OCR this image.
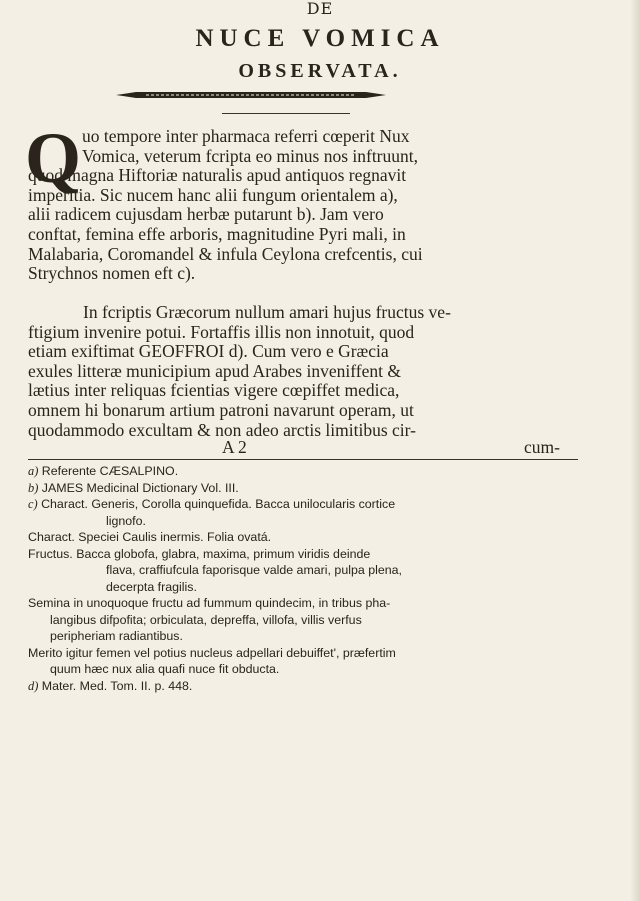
DE
NUCE VOMICA
OBSERVATA.
Q uo tempore inter pharmaca referri cœperit Nux
Vomica, veterum fcripta eo minus nos inftruunt,
quod magna Hiftoriæ naturalis apud antiquos regnavit
imperitia. Sic nucem hanc alii fungum orientalem a),
alii radicem cujusdam herbæ putarunt b). Jam vero
conftat, femina effe arboris, magnitudine Pyri mali, in
Malabaria, Coromandel & infula Ceylona crefcentis, cui
Strychnos nomen eft c).
In fcriptis Græcorum nullum amari hujus fructus ve-
ftigium invenire potui. Fortaffis illis non innotuit, quod
etiam exiftimat GEOFFROI d). Cum vero e Græcia
exules litteræ municipium apud Arabes inveniffent &
lætius inter reliquas fcientias vigere cœpiffet medica,
omnem hi bonarum artium patroni navarunt operam, ut
quodammodo excultam & non adeo arctis limitibus cir-
A 2	cum-
a) Referente CÆSALPINO.
b) JAMES Medicinal Dictionary Vol. III.
c) Charact. Generis, Corolla quinquefida. Bacca unilocularis cortice
lignofo.
Charact. Speciei Caulis inermis. Folia ovatá.
Fructus. Bacca globofa, glabra, maxima, primum viridis deinde
flava, craffiufcula faporisque valde amari, pulpa plena,
decerpta fragilis.
Semina in unoquoque fructu ad fummum quindecim, in tribus pha-
langibus difpofita; orbiculata, depreffa, villofa, villis verfus
peripheriam radiantibus.
Merito igitur femen vel potius nucleus adpellari debuiffet', præfertim
quum hæc nux alia quafi nuce fit obducta.
d) Mater. Med. Tom. II. p. 448.
